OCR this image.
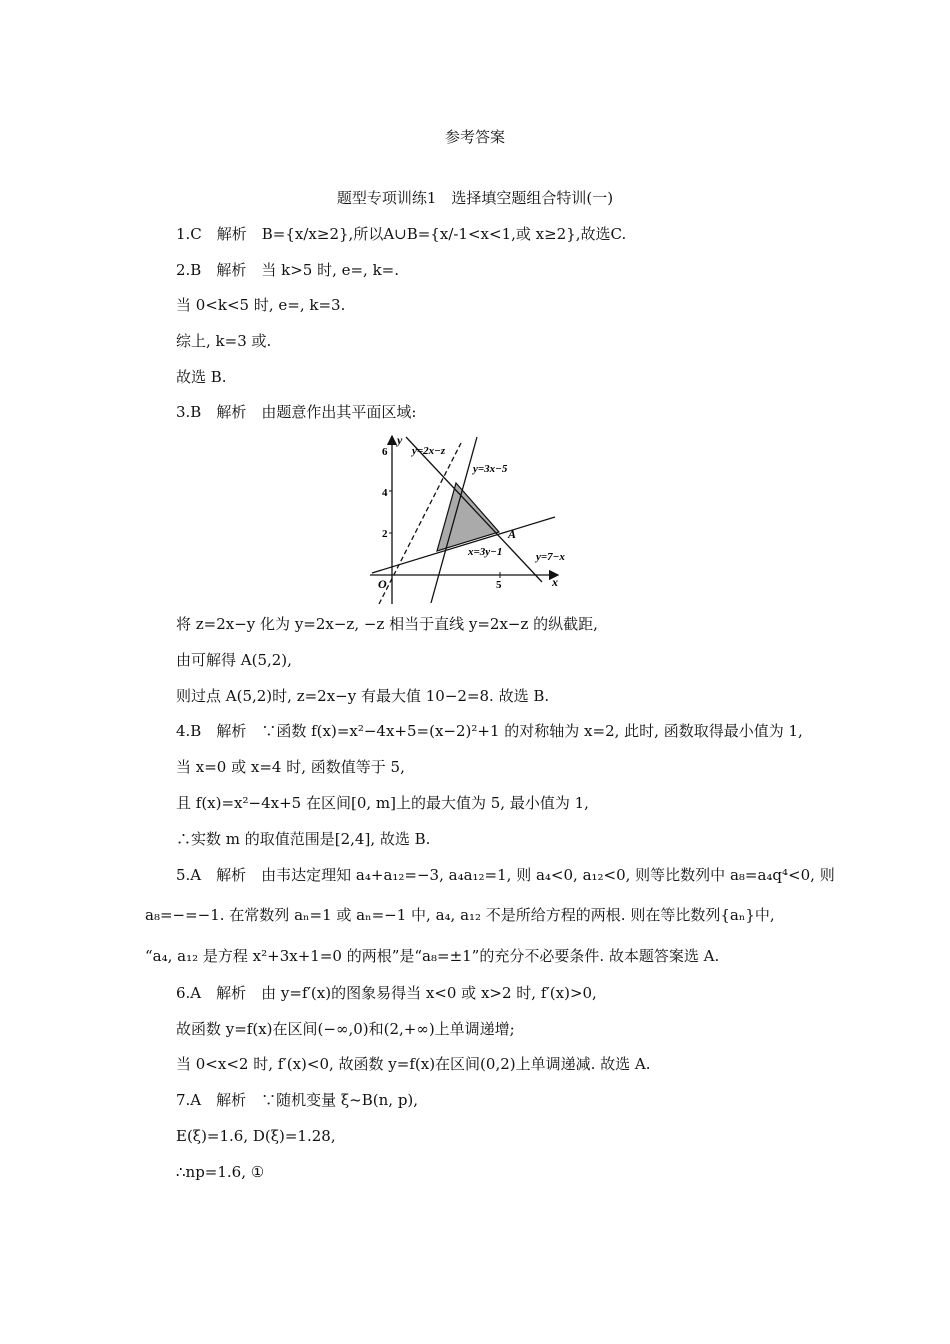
参考答案
题型专项训练1　选择填空题组合特训(一)
1.C　解析　B={x/x≥2},所以A∪B={x/-1<x<1,或 x≥2},故选C.
2.B　解析　当 k>5 时, e=, k=.
当 0<k<5 时, e=, k=3.
综上, k=3 或.
故选 B.
3.B　解析　由题意作出其平面区域:
y
x
O
6
4
2
5
y=2x−z
y=3x−5
x=3y−1	y=7−x
A
将 z=2x−y 化为 y=2x−z, −z 相当于直线 y=2x−z 的纵截距,
由可解得 A(5,2),
则过点 A(5,2)时, z=2x−y 有最大值 10−2=8. 故选 B.
4.B　解析　∵函数 f(x)=x²−4x+5=(x−2)²+1 的对称轴为 x=2, 此时, 函数取得最小值为 1,
当 x=0 或 x=4 时, 函数值等于 5,
且 f(x)=x²−4x+5 在区间[0, m]上的最大值为 5, 最小值为 1,
∴实数 m 的取值范围是[2,4], 故选 B.
5.A　解析　由韦达定理知 a₄+a₁₂=−3, a₄a₁₂=1, 则 a₄<0, a₁₂<0, 则等比数列中 a₈=a₄q⁴<0, 则
a₈=−=−1. 在常数列 aₙ=1 或 aₙ=−1 中, a₄, a₁₂ 不是所给方程的两根. 则在等比数列{aₙ}中,
“a₄, a₁₂ 是方程 x²+3x+1=0 的两根”是“a₈=±1”的充分不必要条件. 故本题答案选 A.
6.A　解析　由 y=f′(x)的图象易得当 x<0 或 x>2 时, f′(x)>0,
故函数 y=f(x)在区间(−∞,0)和(2,+∞)上单调递增;
当 0<x<2 时, f′(x)<0, 故函数 y=f(x)在区间(0,2)上单调递减. 故选 A.
7.A　解析　∵随机变量 ξ~B(n, p),
E(ξ)=1.6, D(ξ)=1.28,
∴np=1.6, ①
